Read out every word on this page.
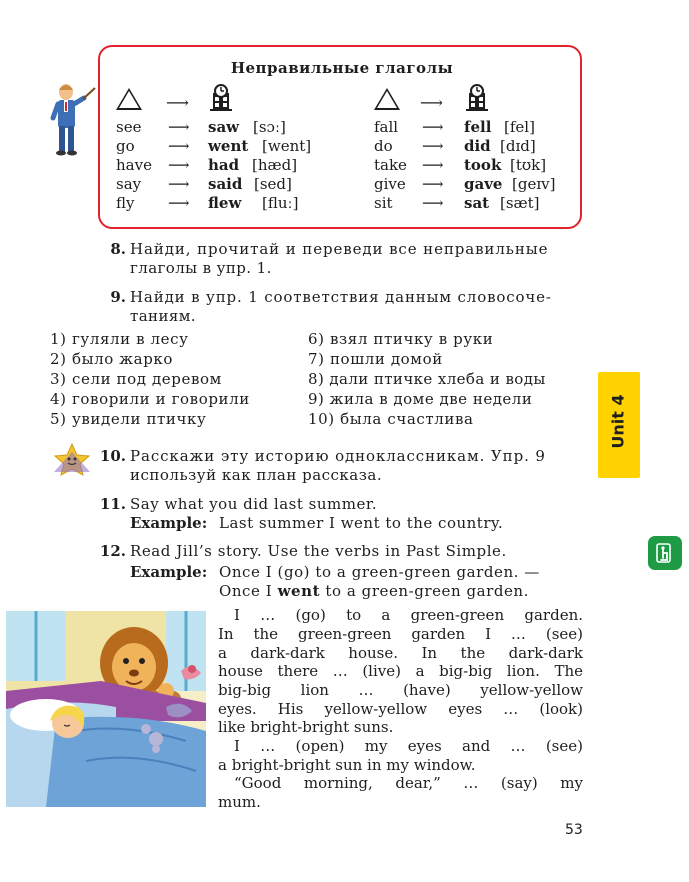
Неправильные глаголы
⟶	⟶
see ⟶ saw [sɔː]
go ⟶ went [went]
have ⟶ had [hæd]
say ⟶ said [sed]
fly ⟶ flew [fluː]
fall ⟶ fell [fel]
do ⟶ did [dɪd]
take ⟶ took [tʊk]
give ⟶ gave [geɪv]
sit ⟶ sat [sæt]
8. Найди, прочитай и переведи все неправильные
глаголы в упр. 1.
9. Найди в упр. 1 соответствия данным словосоче-
таниям.
1) гуляли в лесу
2) было жарко
3) сели под деревом
4) говорили и говорили
5) увидели птичку
6) взял птичку в руки
7) пошли домой
8) дали птичке хлеба и воды
9) жила в доме две недели
10) была счастлива	Unit 4
10. Расскажи эту историю одноклассникам. Упр. 9
используй как план рассказа.
11. Say what you did last summer.
Example: Last summer I went to the country.
12. Read Jill’s story. Use the verbs in Past Simple.
Example: Once I (go) to a green-green garden. —
Once I went to a green-green garden.
I … (go) to a green-green garden.
In the green-green garden I … (see)
a dark-dark house. In the dark-dark
house there … (live) a big-big lion. The
big-big lion … (have) yellow-yellow
eyes. His yellow-yellow eyes … (look)
like bright-bright suns.
I … (open) my eyes and … (see)
a bright-bright sun in my window.
“Good morning, dear,” … (say) my
mum.
53
